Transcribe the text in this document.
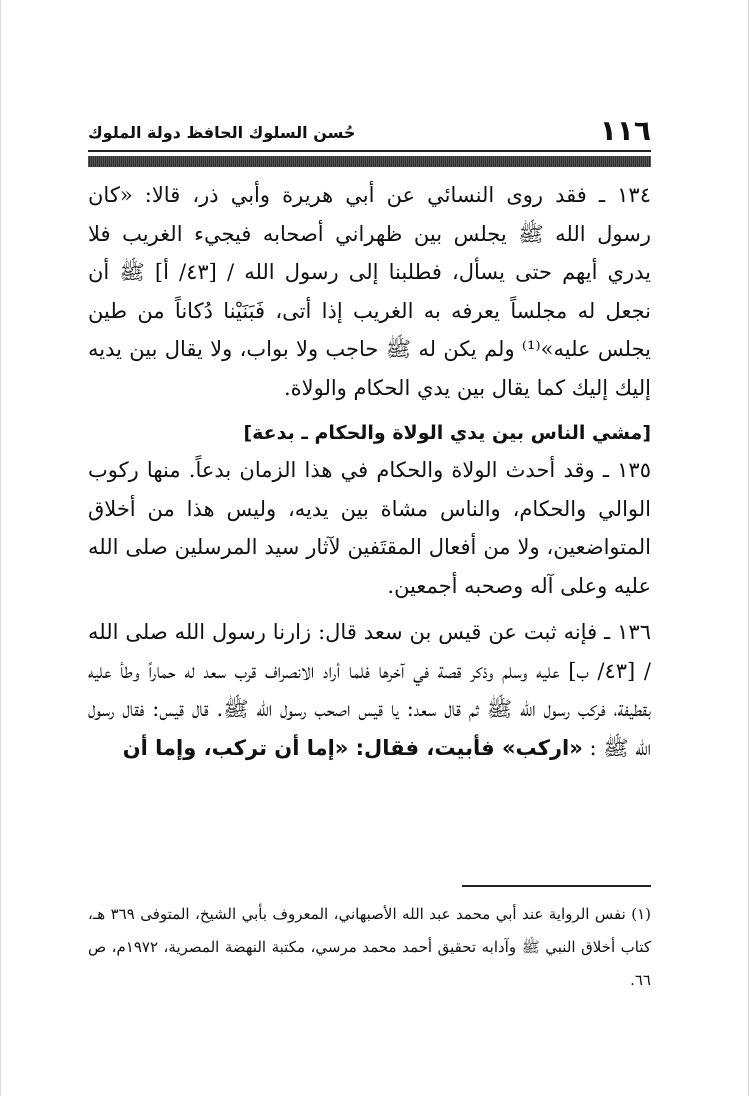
١١٦
حُسن السلوك الحافظ دولة الملوك

١٣٤ ـ فقد روى النسائي عن أبي هريرة وأبي ذر، قالا: «كان رسول الله ﷺ يجلس بين ظهراني أصحابه فيجيء الغريب فلا يدري أيهم حتى يسأل، فطلبنا إلى رسول الله / [٤٣/ أ] ﷺ أن نجعل له مجلساً يعرفه به الغريب إذا أتى، فَبَنَيْنا دُكاناً من طين يجلس عليه»⁽¹⁾ ولم يكن له ﷺ حاجب ولا بواب، ولا يقال بين يديه إليك إليك كما يقال بين يدي الحكام والولاة.

[مشي الناس بين يدي الولاة والحكام ـ بدعة]

١٣٥ ـ وقد أحدث الولاة والحكام في هذا الزمان بدعاً. منها ركوب الوالي والحكام، والناس مشاة بين يديه، وليس هذا من أخلاق المتواضعين، ولا من أفعال المقتَفين لآثار سيد المرسلين صلى الله عليه وعلى آله وصحبه أجمعين.

١٣٦ ـ فإنه ثبت عن قيس بن سعد قال: زارنا رسول الله صلى الله / [٤٣/ ب] عليه وسلم وذكر قصة في آخرها فلما أراد الانصراف قرب سعد له حماراً وطأ عليه بقطيفة، فركب رسول الله ﷺ ثم قال سعد: يا قيس اصحب رسول الله ﷺ. قال قيس: فقال رسول الله ﷺ : «اركب» فأبيت، فقال: «إما أن تركب، وإما أن

(١) نفس الرواية عند أبي محمد عبد الله الأصبهاني، المعروف بأبي الشيخ، المتوفى ٣٦٩ هـ، كتاب أخلاق النبي ﷺ وآدابه تحقيق أحمد محمد مرسي، مكتبة النهضة المصرية، ١٩٧٢م، ص ٦٦.
